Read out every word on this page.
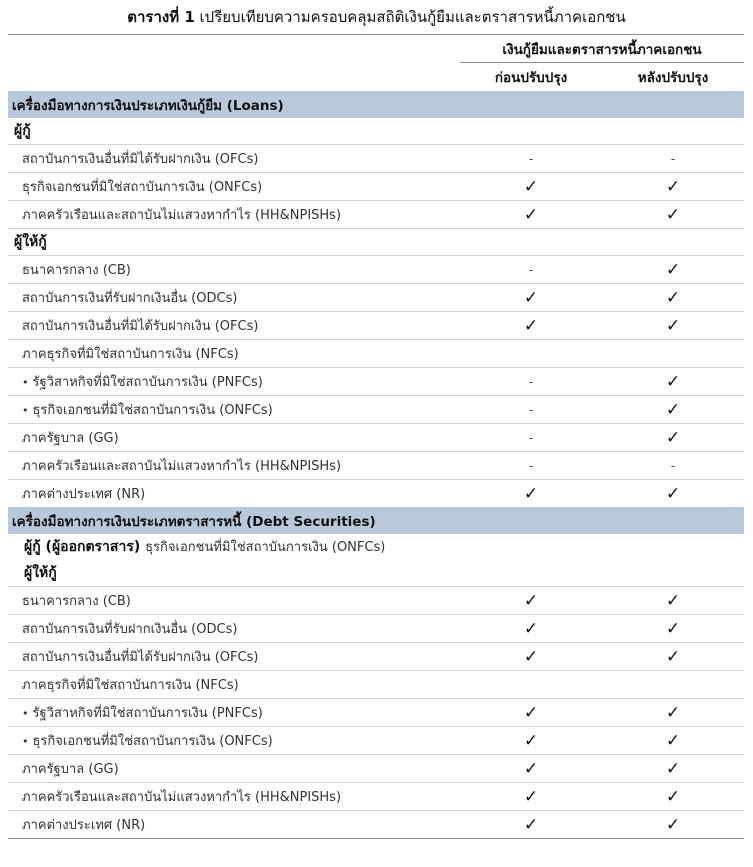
ตารางที่ 1 เปรียบเทียบความครอบคลุมสถิติเงินกู้ยืมและตราสารหนี้ภาคเอกชน
	เงินกู้ยืมและตราสารหนี้ภาคเอกชน	
	ก่อนปรับปรุง	หลังปรับปรุง
เครื่องมือทางการเงินประเภทเงินกู้ยืม (Loans)		
ผู้กู้		
สถาบันการเงินอื่นที่มิได้รับฝากเงิน (OFCs)	-	-
ธุรกิจเอกชนที่มิใช่สถาบันการเงิน (ONFCs)	✓	✓
ภาคครัวเรือนและสถาบันไม่แสวงหากำไร (HH&NPISHs)	✓	✓
ผู้ให้กู้		
ธนาคารกลาง (CB)	-	✓
สถาบันการเงินที่รับฝากเงินอื่น (ODCs)	✓	✓
สถาบันการเงินอื่นที่มิได้รับฝากเงิน (OFCs)	✓	✓
ภาคธุรกิจที่มิใช่สถาบันการเงิน (NFCs)		
• รัฐวิสาหกิจที่มิใช่สถาบันการเงิน (PNFCs)	-	✓
• ธุรกิจเอกชนที่มิใช่สถาบันการเงิน (ONFCs)	-	✓
ภาครัฐบาล (GG)	-	✓
ภาคครัวเรือนและสถาบันไม่แสวงหากำไร (HH&NPISHs)	-	-
ภาคต่างประเทศ (NR)	✓	✓
เครื่องมือทางการเงินประเภทตราสารหนี้ (Debt Securities)		
ผู้กู้ (ผู้ออกตราสาร) ธุรกิจเอกชนที่มิใช่สถาบันการเงิน (ONFCs)		
ผู้ให้กู้		
ธนาคารกลาง (CB)	✓	✓
สถาบันการเงินที่รับฝากเงินอื่น (ODCs)	✓	✓
สถาบันการเงินอื่นที่มิได้รับฝากเงิน (OFCs)	✓	✓
ภาคธุรกิจที่มิใช่สถาบันการเงิน (NFCs)		
• รัฐวิสาหกิจที่มิใช่สถาบันการเงิน (PNFCs)	✓	✓
• ธุรกิจเอกชนที่มิใช่สถาบันการเงิน (ONFCs)	✓	✓
ภาครัฐบาล (GG)	✓	✓
ภาคครัวเรือนและสถาบันไม่แสวงหากำไร (HH&NPISHs)	✓	✓
ภาคต่างประเทศ (NR)	✓	✓
